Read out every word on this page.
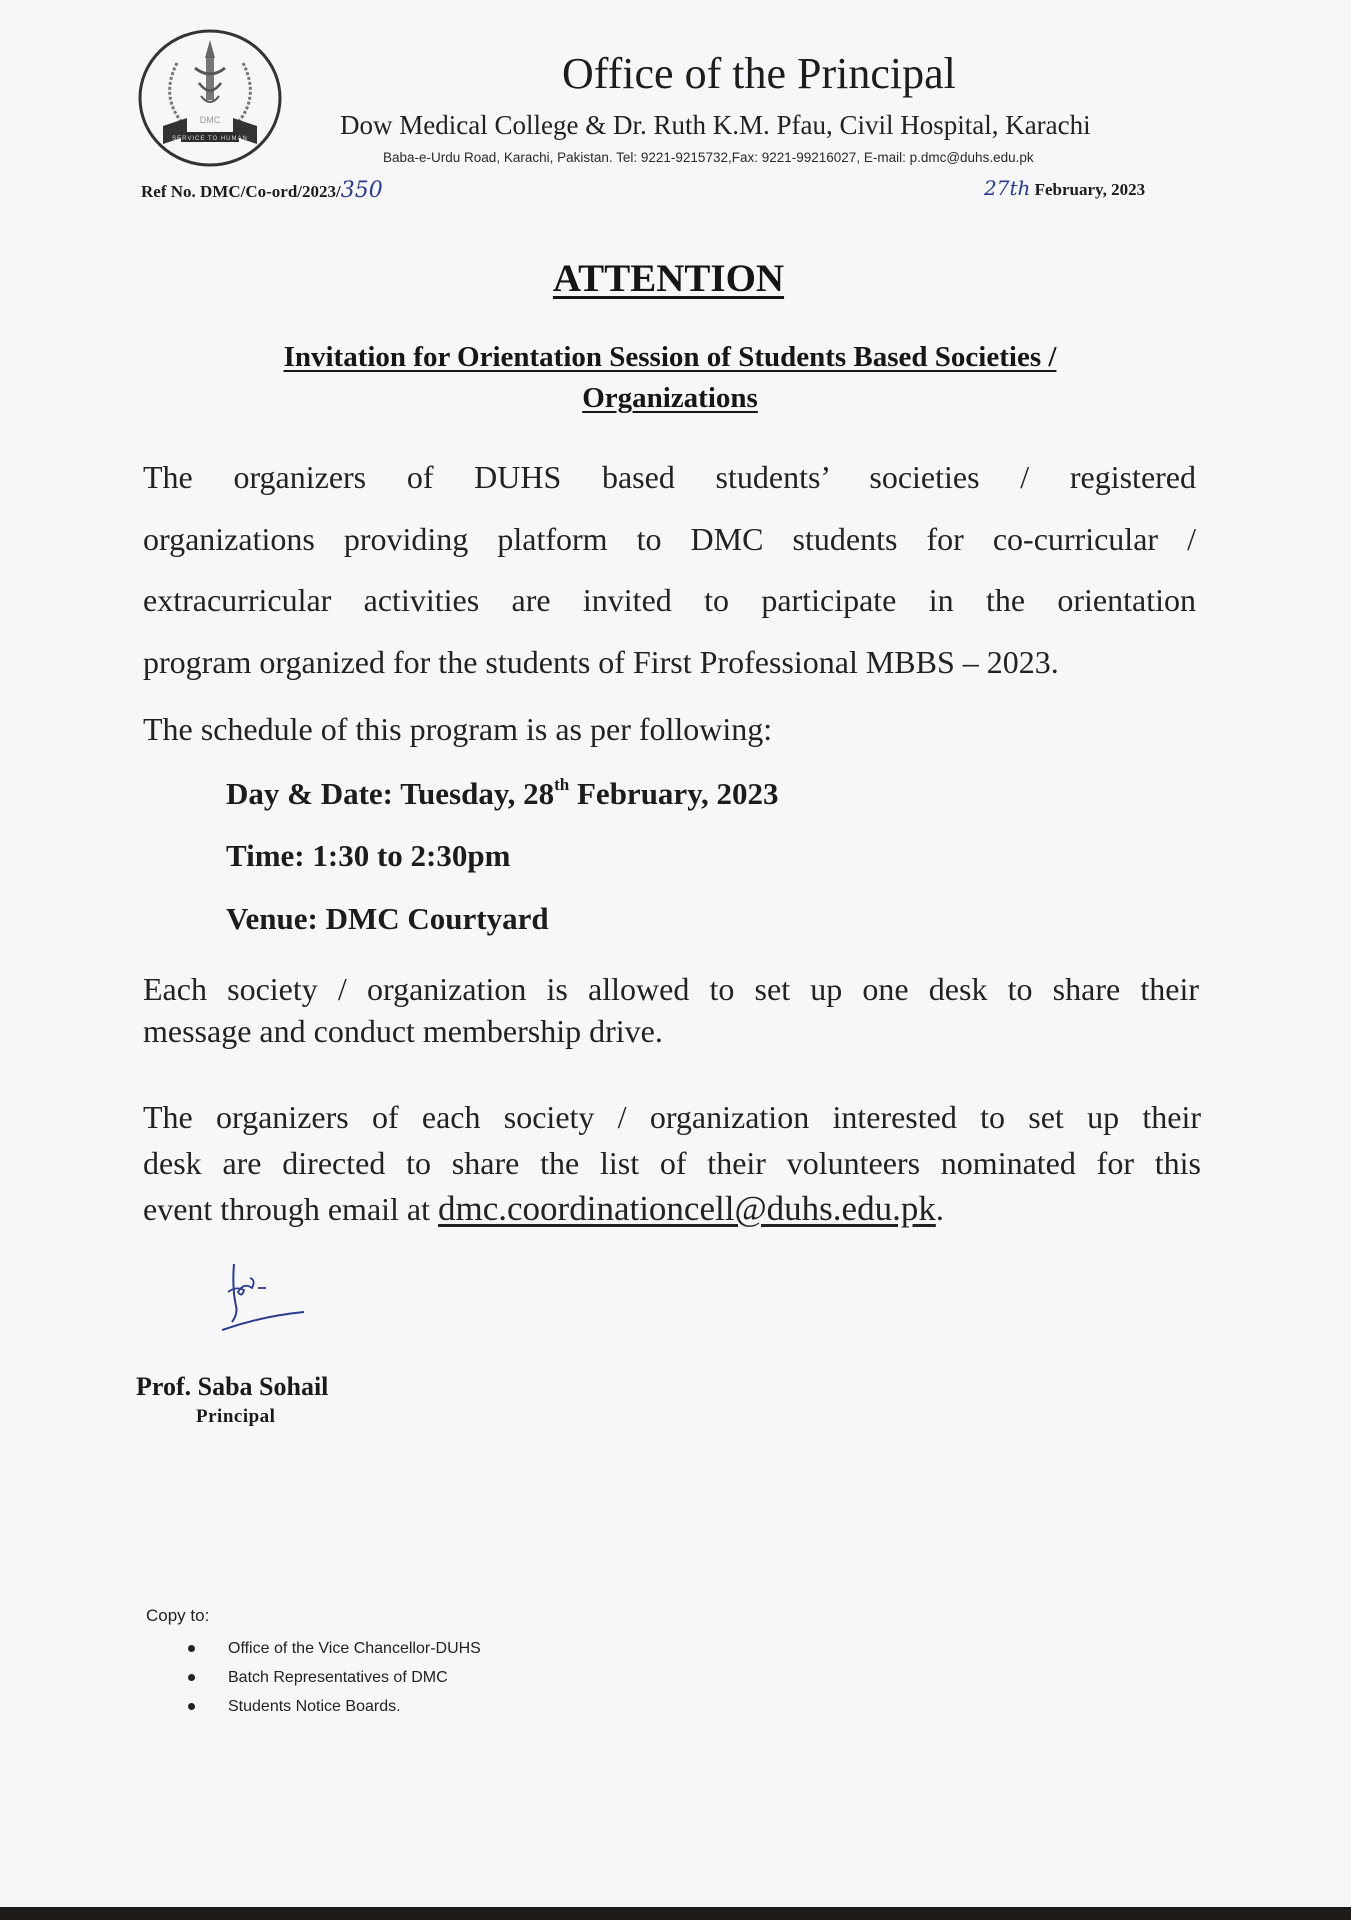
DMC
SERVICE TO HUMAN
Office of the Principal
Dow Medical College & Dr. Ruth K.M. Pfau, Civil Hospital, Karachi
Baba-e-Urdu Road, Karachi, Pakistan. Tel: 9221-9215732,Fax: 9221-99216027, E-mail: p.dmc@duhs.edu.pk
Ref No. DMC/Co-ord/2023/350	27th February, 2023
ATTENTION
Invitation for Orientation Session of Students Based Societies /
Organizations
The organizers of DUHS based students’ societies / registered
organizations providing platform to DMC students for co-curricular /
extracurricular activities are invited to participate in the orientation
program organized for the students of First Professional MBBS – 2023.
The schedule of this program is as per following:
Day & Date: Tuesday, 28th February, 2023
Time: 1:30 to 2:30pm
Venue: DMC Courtyard
Each society / organization is allowed to set up one desk to share their
message and conduct membership drive.
The organizers of each society / organization interested to set up their
desk are directed to share the list of their volunteers nominated for this
event through email at dmc.coordinationcell@duhs.edu.pk.
Prof. Saba Sohail
Principal
Copy to:
Office of the Vice Chancellor-DUHS
Batch Representatives of DMC
Students Notice Boards.
